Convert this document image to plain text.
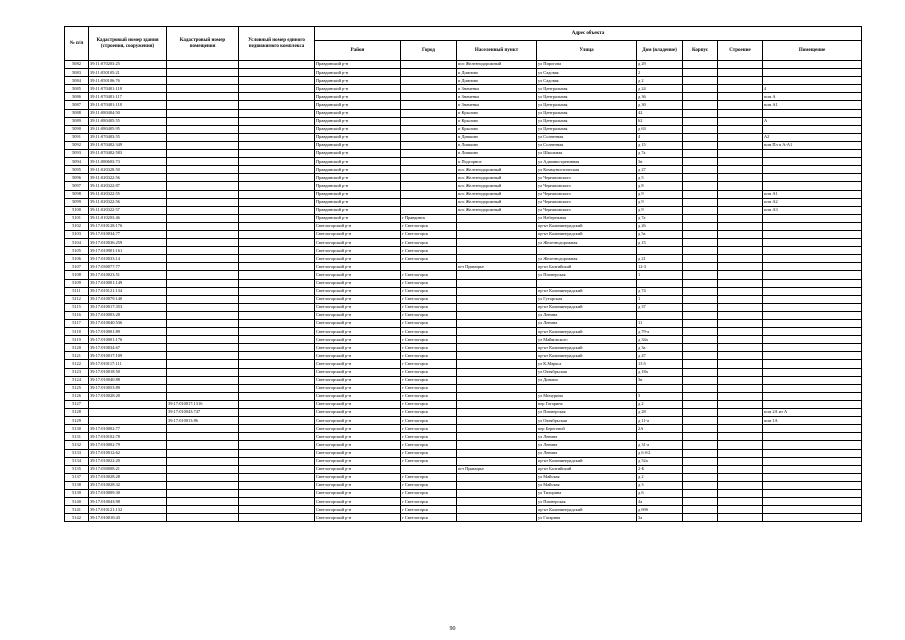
№ п/п	Кадастровый номер здания (строения, сооружения)	Кадастровый номер помещения	Условный номер единого недвижимого комплекса	Адрес объекта							
				Район	Город	Населенный пункт	Улица	Дом (владение)	Корпус	Строение	Помещение
5082	39:11:070203:25			Правдинский р-н		пос Железнодорожный	ул Пирогова	д 29			
5083	39:11:050105:21			Правдинский р-н		п Домново	ул Садовая	2			
5084	39:11:050106:76			Правдинский р-н		п Домново	ул Садовая	д 2			
5085	39:11:070401:118			Правдинский р-н		п Знаменка	ул Центральная	д 24			4
5086	39:11:070401:117			Правдинский р-н		п Знаменка	ул Центральная	д 36			пом А
5087	39:11:070401:118			Правдинский р-н		п Знаменка	ул Центральная	д 30			пом А1
5088	39:11:080404:50			Правдинский р-н		п Крылово	ул Центральная	42			
5089	39:11:080405:55			Правдинский р-н		п Крылово	ул Центральная	62			А
5090	39:11:080405:95			Правдинский р-н		п Крылово	ул Центральная	д 63			
5091	39:11:070403:55			Правдинский р-н		п Дипкино	ул Солнечная	4			А2
5092	39:11:070402:349			Правдинский р-н		п Липкино	ул Солнечная	д 15			пом Пл п А-А1
5093	39:11:070402:583			Правдинский р-н		п Липкино	ул Школьная	д 7а			
5094	39:11:080603:73			Правдинский р-н		п Подгорное	ул Административная	3в			
5095	39:11:020328:50			Правдинский р-н		пос Железнодорожный	ул Коммунистическая	д 27			
5096	39:11:020322:56			Правдинский р-н		пос Железнодорожный	ул Черняховского	д 5			
5097	39:11:020322:87			Правдинский р-н		пос Железнодорожный	ул Черняховского	д 8			
5098	39:11:020322:55			Правдинский р-н		пос Железнодорожный	ул Черняховского	д 9			пом А1
5099	39:11:020322:56			Правдинский р-н		пос Железнодорожный	ул Черняховского	д 9			пом А2
5100	39:11:020322:57			Правдинский р-н		пос Железнодорожный	ул Черняховского	д 9			пом А3
5101	39:11:010203:46			Правдинский р-н	г Правдинск		ул Набережная	д 7а			
5102	39:17:010128:176			Светлогорский р-н	г Светлогорск		пр-кт Калининградский	д 26			
5103	39:17:010034:77			Светлогорский р-н	г Светлогорск		пр-кт Калининградский	д 5а			
5104	39:17:010036:259			Светлогорский р-н	г Светлогорск		ул Железнодорожная	д 15			
5105	39:17:010901:161			Светлогорский р-н	г Светлогорск						
5106	39:17:010033:14			Светлогорский р-н	г Светлогорск		ул Железнодорожная	д 21			
5107	39:17:030077:77			Светлогорский р-н		пгт Приморье	пр-кт Балтийский	12-3			
5108	39:17:010023:51			Светлогорский р-н	г Светлогорск		ул Пионерская	1			
5109	39:17:010001:149			Светлогорский р-н	г Светлогорск						
5111	39:17:010121:134			Светлогорский р-н	г Светлогорск		пр-кт Калининградский	д 74			
5112	39:17:010079:140			Светлогорский р-н	г Светлогорск		ул Гуторская	1			
5115	39:17:010017:353			Светлогорский р-н	г Светлогорск		пр-кт Калининградский	д 37			
5116	39:17:010003:28			Светлогорский р-н	г Светлогорск		ул Ленина				
5117	39:17:010040:536			Светлогорский р-н	г Светлогорск		ул Ленина	11			
5118	39:17:010001:89			Светлогорский р-н	г Светлогорск		пр-кт Калининградский	д 79-а			
5119	39:17:010001:176			Светлогорский р-н	г Светлогорск		ул Майковского	д 34а			
5120	39:17:010034:67			Светлогорский р-н	г Светлогорск		пр-кт Калининградский	д 3а			
5121	39:17:010017:109			Светлогорский р-н	г Светлогорск		пр-кт Калининградский	д 47			
5122	39:17:010117:111			Светлогорский р-н	г Светлогорск		ул К.Маркса	13 б			
5123	39:17:010018:50			Светлогорский р-н	г Светлогорск		ул Октябрьская	д 18а			
5124	39:17:010040:88			Светлогорский р-н	г Светлогорск		ул Динамо	3в			
5125	39:17:010053:89			Светлогорский р-н	г Светлогорск						
5126	39:17:010028:20			Светлогорский р-н	г Светлогорск		ул Мичурина	3			
5127		39:17:010017:1316		Светлогорский р-н	г Светлогорск		пер Гагарина	д 2			
5128		39:17:010043:747		Светлогорский р-н	г Светлогорск		ул Пионерская	д 28			пом 2А из А
5129		39:17:010013:86		Светлогорский р-н	г Светлогорск		ул Октябрьская	д 11-а			пом 1А
5130	39:17:010002:77			Светлогорский р-н	г Светлогорск		пер Береговой	2А			
5131	39:17:010102:78			Светлогорский р-н	г Светлогорск		ул Ленина				
5132	39:17:010002:79			Светлогорский р-н	г Светлогорск		ул Ленина	д 31-а			
5133	39:17:010012:62			Светлогорский р-н	г Светлогорск		ул Ленина	д 6 б/2			
5134	39:17:010022:20			Светлогорский р-н	г Светлогорск		пр-кт Калининградский	д 52а			
5135	39:17:030008:21			Светлогорский р-н		пгт Приморье	пр-кт Балтийский	2-Б			
5137	39:17:010028:28			Светлогорский р-н	г Светлогорск		ул Майская	д 2			
5138	39:17:010028:32			Светлогорский р-н	г Светлогорск		ул Майская	д 3			
5139	39:17:010009:30			Светлогорский р-н	г Светлогорск		ул Тихорина	д 6			
5140	39:17:010043:98			Светлогорский р-н	г Светлогорск		ул Пионерская	4а			
5141	39:17:010121:132			Светлогорский р-н	г Светлогорск		пр-кт Калининградский	д 69б			
5142	39:17:010010:43			Светлогорский р-н	г Светлогорск		ул Гагарина	3а			
90
